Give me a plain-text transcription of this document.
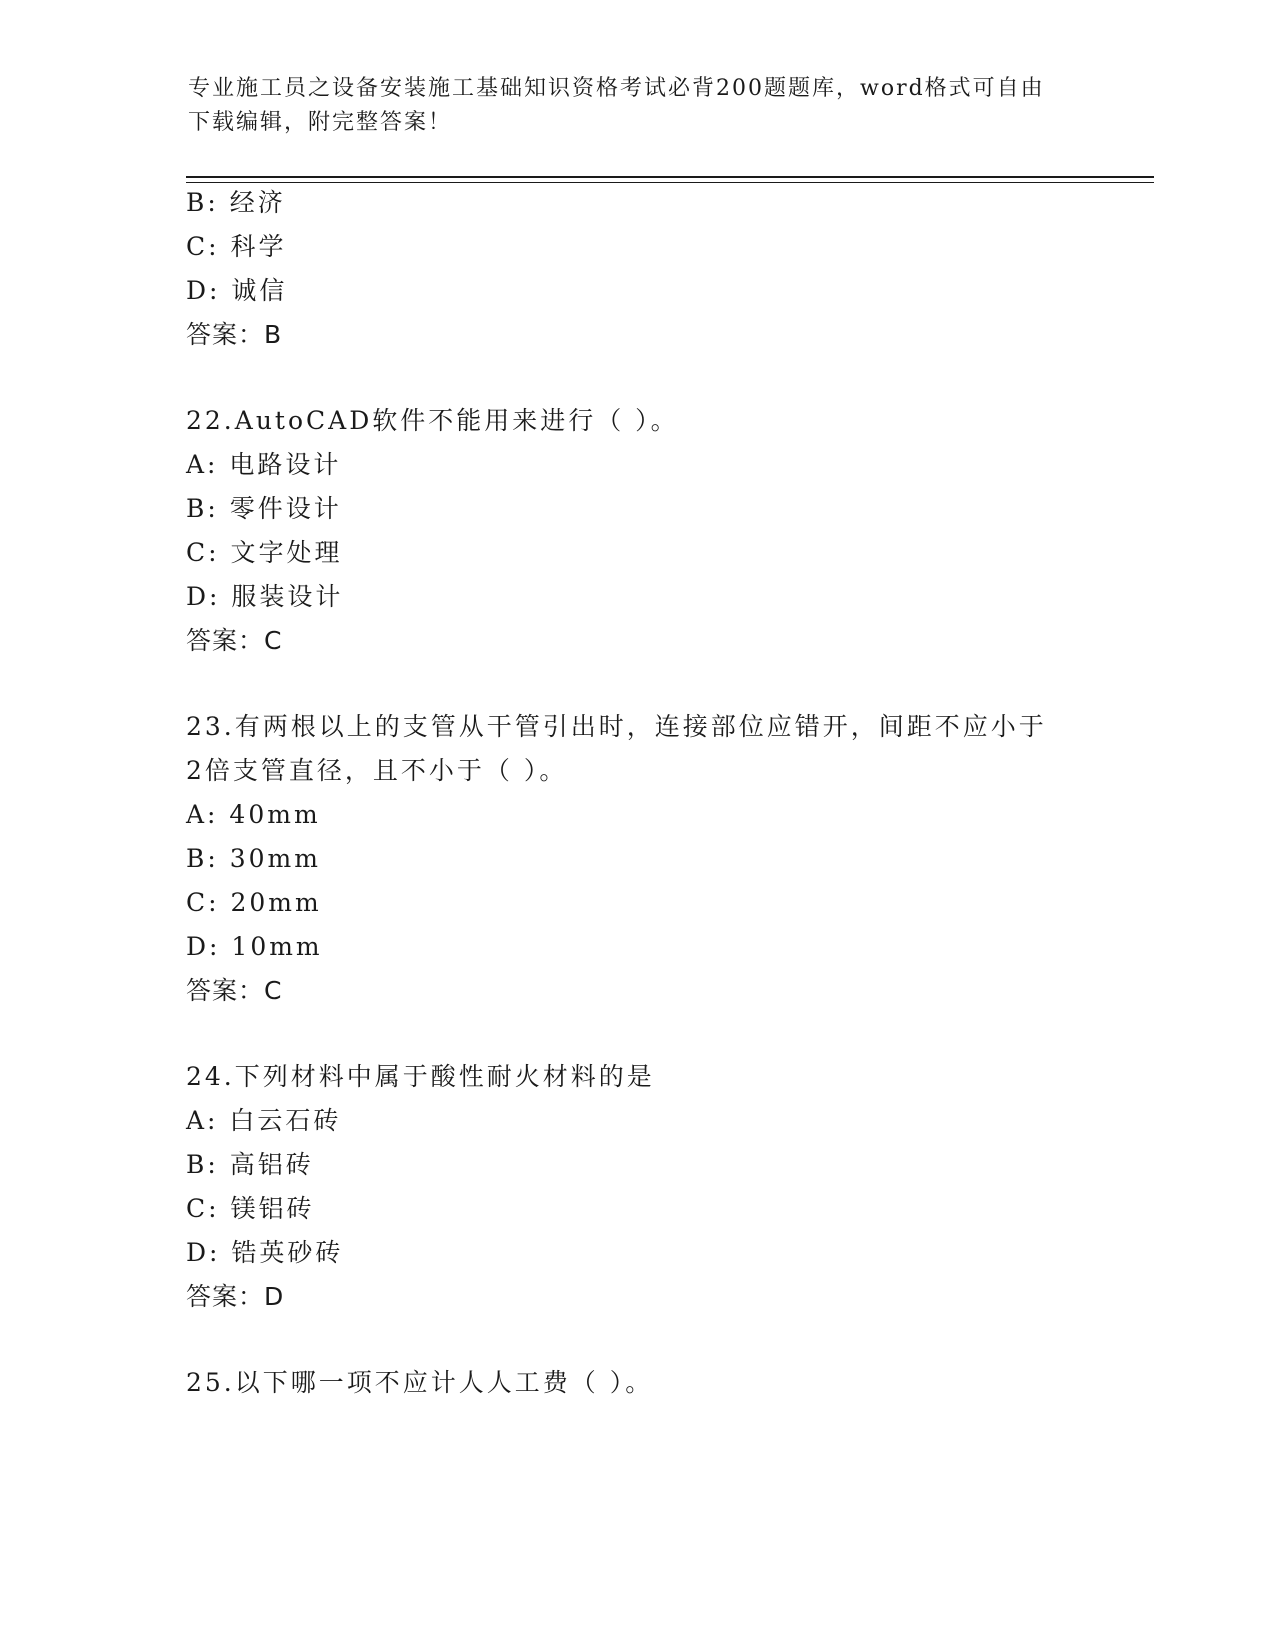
专业施工员之设备安装施工基础知识资格考试必背200题题库，word格式可自由
下载编辑，附完整答案！
B: 经济
C: 科学
D: 诚信
答案：B
22.AutoCAD软件不能用来进行（ ）。
A: 电路设计
B: 零件设计
C: 文字处理
D: 服装设计
答案：C
23.有两根以上的支管从干管引出时，连接部位应错开，间距不应小于
2倍支管直径，且不小于（ ）。
A: 40mm
B: 30mm
C: 20mm
D: 10mm
答案：C
24.下列材料中属于酸性耐火材料的是
A: 白云石砖
B: 高铝砖
C: 镁铝砖
D: 锆英砂砖
答案：D
25.以下哪一项不应计人人工费（ ）。
